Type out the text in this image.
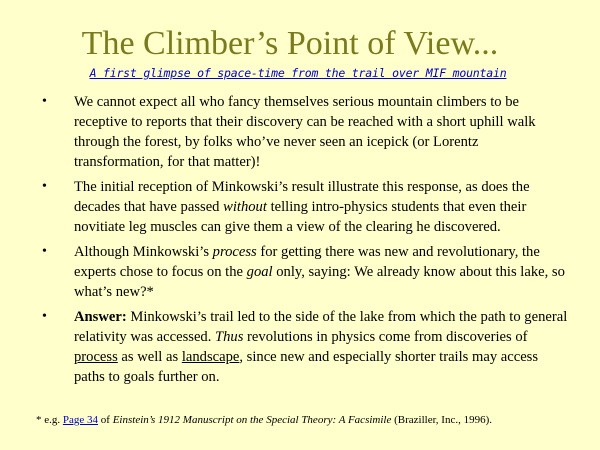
The Climber’s Point of View...
A first glimpse of space-time from the trail over MIF mountain
• We cannot expect all who fancy themselves serious mountain climbers to be receptive to reports that their discovery can be reached with a short uphill walk through the forest, by folks who’ve never seen an icepick (or Lorentz transformation, for that matter)!
• The initial reception of Minkowski’s result illustrate this response, as does the decades that have passed without telling intro-physics students that even their novitiate leg muscles can give them a view of the clearing he discovered.
• Although Minkowski’s process for getting there was new and revolutionary, the experts chose to focus on the goal only, saying: We already know about this lake, so what’s new?*
• Answer: Minkowski’s trail led to the side of the lake from which the path to general relativity was accessed. Thus revolutions in physics come from discoveries of process as well as landscape, since new and especially shorter trails may access paths to goals further on.
* e.g. Page 34 of Einstein’s 1912 Manuscript on the Special Theory: A Facsimile (Braziller, Inc., 1996).
